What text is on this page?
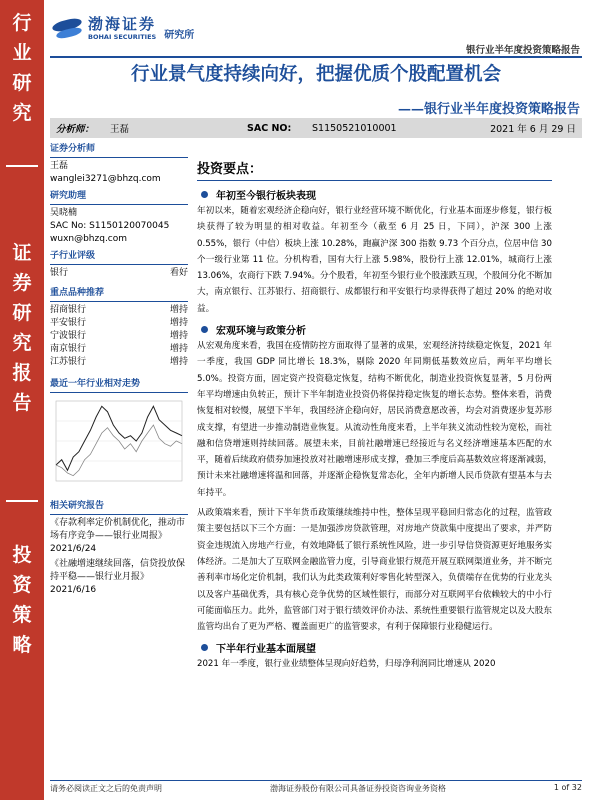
行
业
研
究
证
券
研
究
报
告
投
资
策
略
渤海证券
BOHAI SECURITIES 研究所
银行业半年度投资策略报告
行业景气度持续向好，把握优质个股配置机会
——银行业半年度投资策略报告
分析师： 王磊	SAC NO: S1150521010001	2021 年 6 月 29 日
证券分析师
王磊
wanglei3271@bhzq.com
研究助理
吴晓楠
SAC No: S1150120070045
wuxn@bhzq.com
子行业评级
银行	看好
重点品种推荐
招商银行	增持
平安银行	增持
宁波银行	增持
南京银行	增持
江苏银行	增持
最近一年行业相对走势
相关研究报告
《存款利率定价机制优化，推动市场有序竞争——银行业周报》2021/6/24
《社融增速继续回落，信贷投放保持平稳——银行业月报》2021/6/16
投资要点：
年初至今银行板块表现

年初以来，随着宏观经济企稳向好，银行业经营环境不断优化，行业基本面逐步修复，银行板块获得了较为明显的相对收益。年初至今（截至 6 月 25 日，下同），沪深 300 上涨 0.55%，银行（中信）板块上涨 10.28%，跑赢沪深 300 指数 9.73 个百分点，位居申信 30 个一级行业第 11 位。分机构看，国有大行上涨 5.98%，股份行上涨 12.01%，城商行上涨 13.06%，农商行下跌 7.94%。分个股看，年初至今银行业个股涨跌互现，个股间分化不断加大，南京银行、江苏银行、招商银行、成都银行和平安银行均录得获得了超过 20% 的绝对收益。

宏观环境与政策分析

从宏观角度来看，我国在疫情防控方面取得了显著的成果，宏观经济持续稳定恢复，2021 年一季度，我国 GDP 同比增长 18.3%，剔除 2020 年同期低基数效应后，两年平均增长 5.0%。投资方面，固定资产投资稳定恢复，结构不断优化，制造业投资恢复显著，5 月份两年平均增速由负转正，预计下半年制造业投资仍将保持稳定恢复的增长态势。整体来看，消费恢复相对较慢，展望下半年，我国经济企稳向好，居民消费意愿改善，均会对消费逐步复苏形成支撑，有望进一步推动制造业恢复。从流动性角度来看，上半年狭义流动性较为宽松，而社融和信贷增速则持续回落。展望未来，目前社融增速已经接近与名义经济增速基本匹配的水平，随着后续政府债券加速投放对社融增速形成支撑，叠加三季度后高基数效应将逐渐减弱，预计未来社融增速将温和回落，并逐渐企稳恢复常态化，全年内新增人民币贷款有望基本与去年持平。

从政策端来看，预计下半年货币政策继续维持中性，整体呈现平稳回归常态化的过程，监管政策主要包括以下三个方面：一是加强涉房贷款管理，对房地产贷款集中度提出了要求，并严防资金违规流入房地产行业，有效地降低了银行系统性风险，进一步引导信贷资源更好地服务实体经济。二是加大了互联网金融监管力度，引导商业银行规范开展互联网渠道业务，并不断完善利率市场化定价机制，我们认为此类政策利好零售化转型深入，负债端存在优势的行业龙头以及客户基础优秀，具有核心竞争优势的区域性银行，而部分对互联网平台依赖较大的中小行可能面临压力。此外，监管部门对于银行绩效评价办法、系统性重要银行监管规定以及大股东监管均出台了更为严格、覆盖面更广的监管要求，有利于保障银行业稳健运行。

下半年行业基本面展望

2021 年一季度，银行业业绩整体呈现向好趋势，归母净利润同比增速从 2020

请务必阅读正文之后的免责声明	渤海证券股份有限公司具备证券投资咨询业务资格	1 of 32
